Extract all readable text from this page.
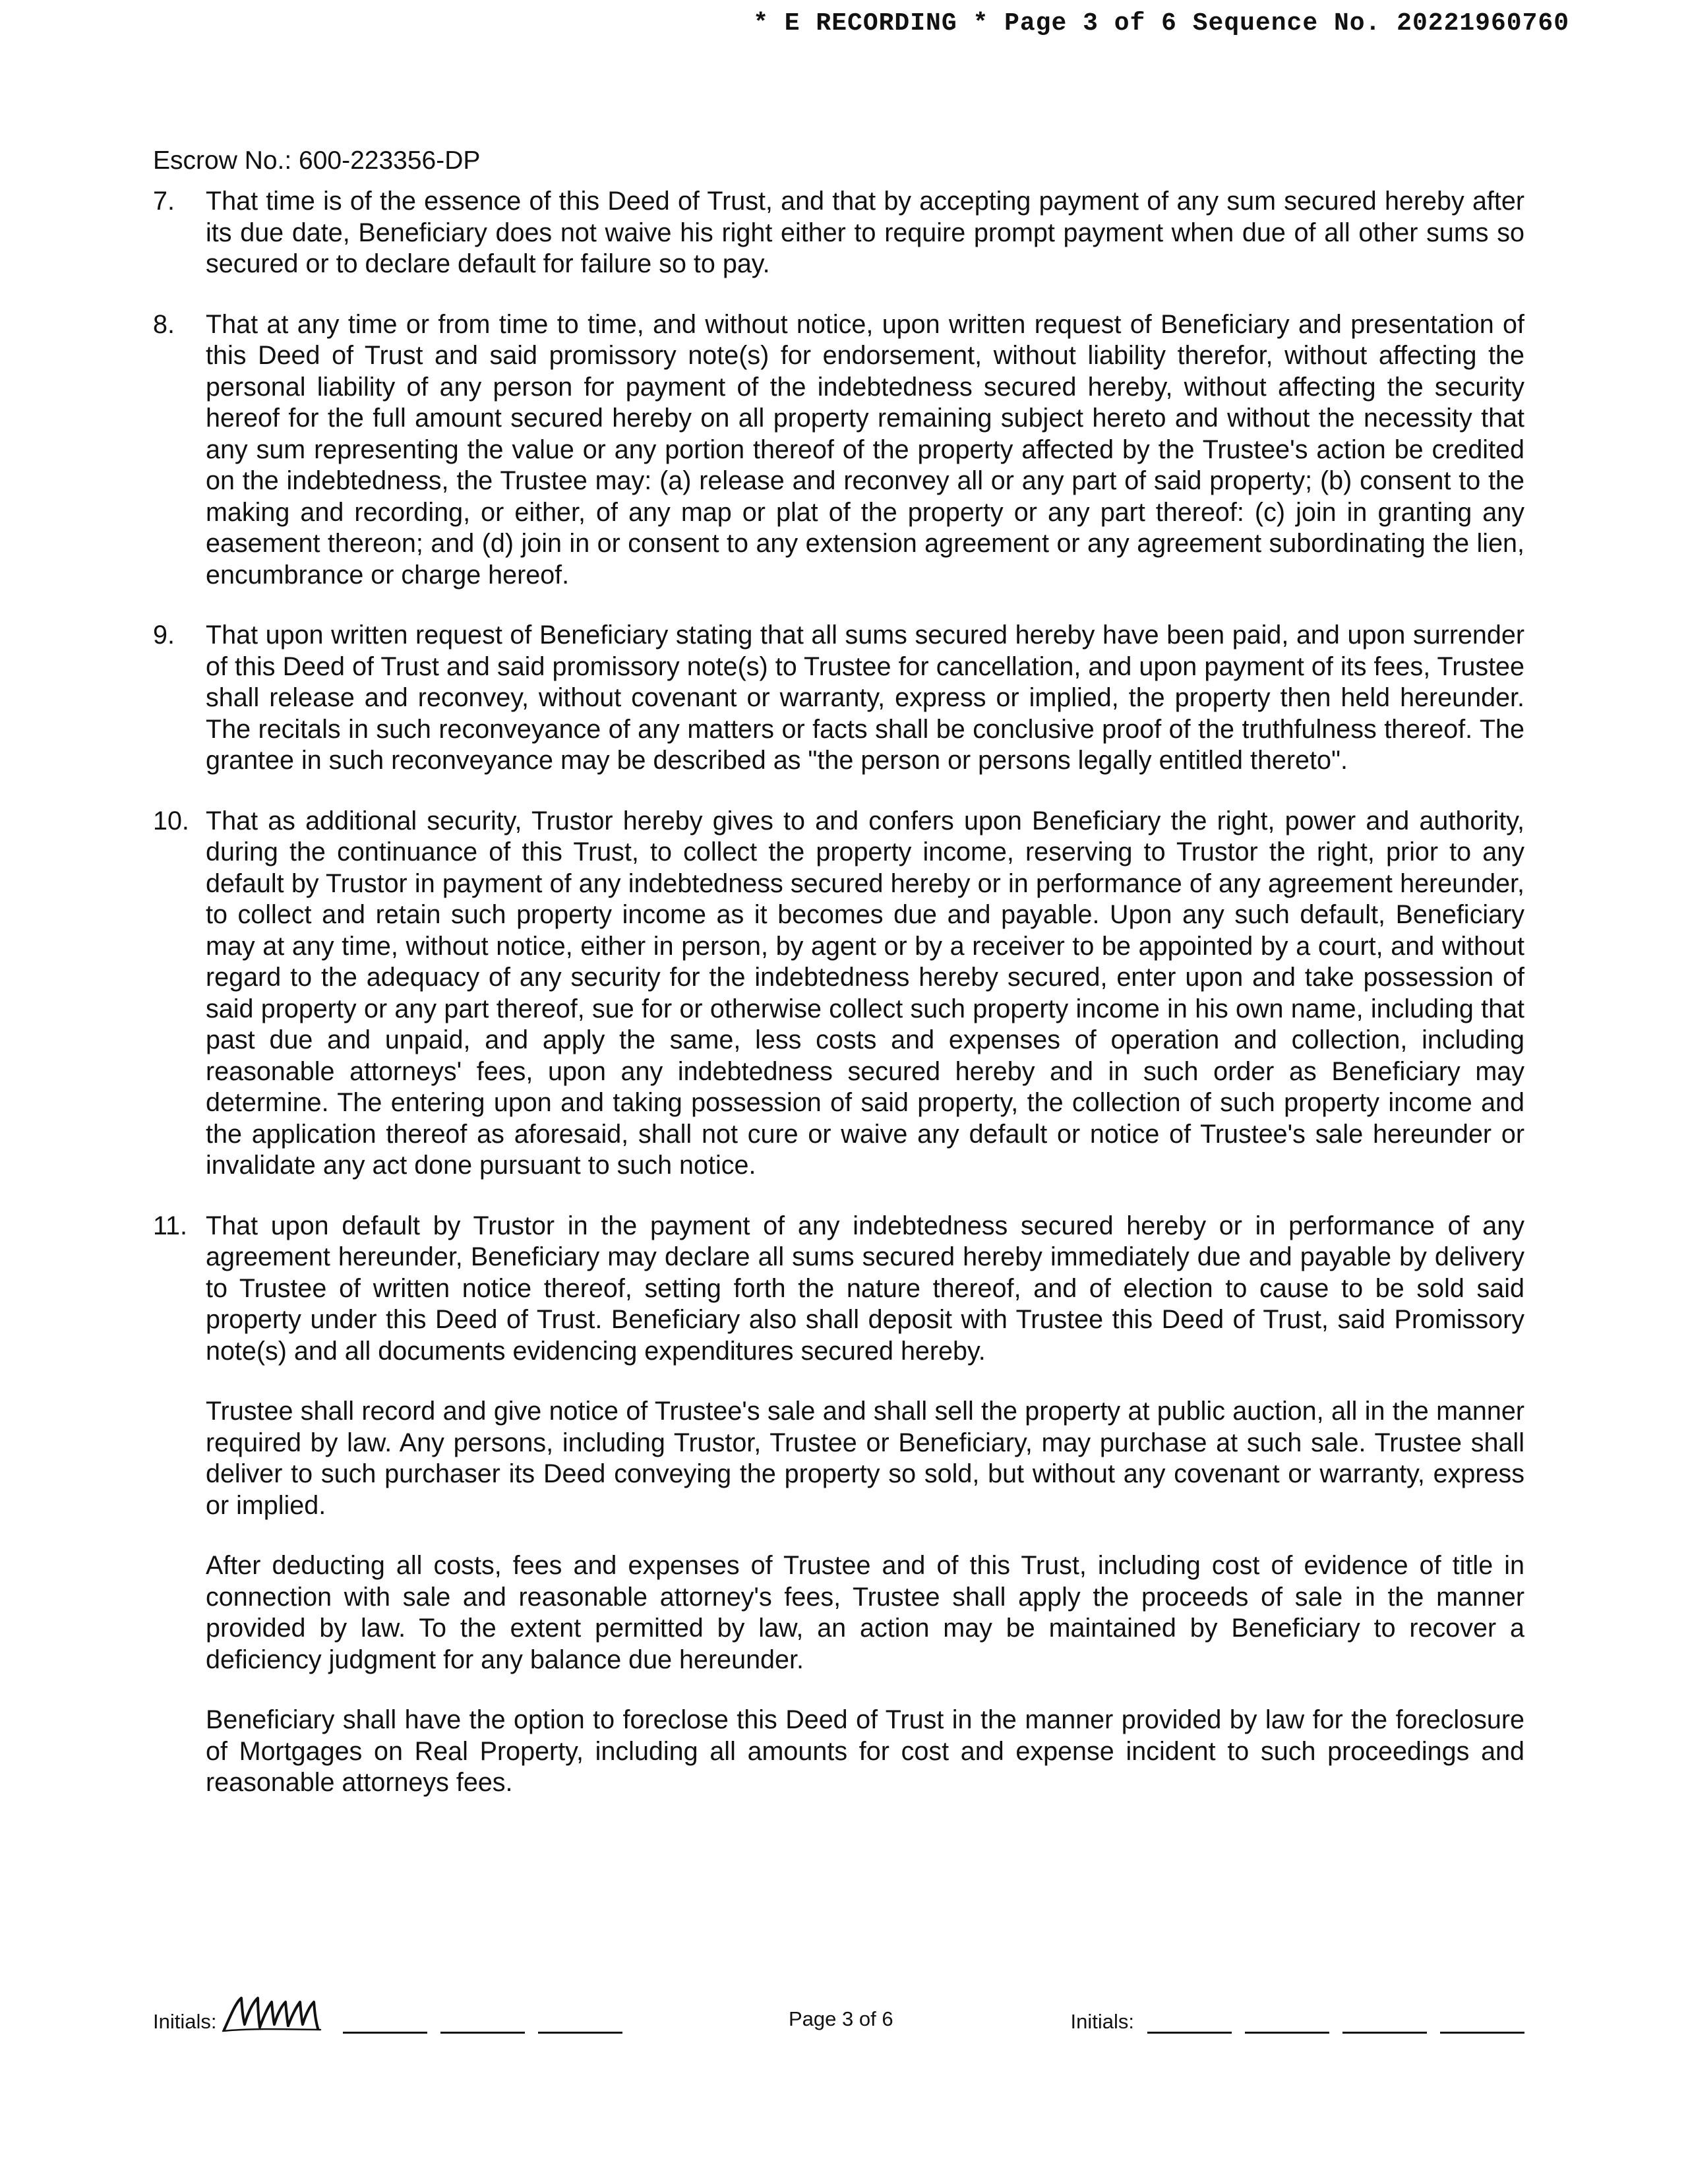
* E RECORDING * Page 3 of 6 Sequence No. 20221960760
Escrow No.: 600-223356-DP
7. That time is of the essence of this Deed of Trust, and that by accepting payment of any sum secured hereby after its due date, Beneficiary does not waive his right either to require prompt payment when due of all other sums so secured or to declare default for failure so to pay.
8. That at any time or from time to time, and without notice, upon written request of Beneficiary and presentation of this Deed of Trust and said promissory note(s) for endorsement, without liability therefor, without affecting the personal liability of any person for payment of the indebtedness secured hereby, without affecting the security hereof for the full amount secured hereby on all property remaining subject hereto and without the necessity that any sum representing the value or any portion thereof of the property affected by the Trustee's action be credited on the indebtedness, the Trustee may: (a) release and reconvey all or any part of said property; (b) consent to the making and recording, or either, of any map or plat of the property or any part thereof: (c) join in granting any easement thereon; and (d) join in or consent to any extension agreement or any agreement subordinating the lien, encumbrance or charge hereof.
9. That upon written request of Beneficiary stating that all sums secured hereby have been paid, and upon surrender of this Deed of Trust and said promissory note(s) to Trustee for cancellation, and upon payment of its fees, Trustee shall release and reconvey, without covenant or warranty, express or implied, the property then held hereunder. The recitals in such reconveyance of any matters or facts shall be conclusive proof of the truthfulness thereof. The grantee in such reconveyance may be described as "the person or persons legally entitled thereto".
10. That as additional security, Trustor hereby gives to and confers upon Beneficiary the right, power and authority, during the continuance of this Trust, to collect the property income, reserving to Trustor the right, prior to any default by Trustor in payment of any indebtedness secured hereby or in performance of any agreement hereunder, to collect and retain such property income as it becomes due and payable. Upon any such default, Beneficiary may at any time, without notice, either in person, by agent or by a receiver to be appointed by a court, and without regard to the adequacy of any security for the indebtedness hereby secured, enter upon and take possession of said property or any part thereof, sue for or otherwise collect such property income in his own name, including that past due and unpaid, and apply the same, less costs and expenses of operation and collection, including reasonable attorneys' fees, upon any indebtedness secured hereby and in such order as Beneficiary may determine. The entering upon and taking possession of said property, the collection of such property income and the application thereof as aforesaid, shall not cure or waive any default or notice of Trustee's sale hereunder or invalidate any act done pursuant to such notice.
11. That upon default by Trustor in the payment of any indebtedness secured hereby or in performance of any agreement hereunder, Beneficiary may declare all sums secured hereby immediately due and payable by delivery to Trustee of written notice thereof, setting forth the nature thereof, and of election to cause to be sold said property under this Deed of Trust. Beneficiary also shall deposit with Trustee this Deed of Trust, said Promissory note(s) and all documents evidencing expenditures secured hereby.
Trustee shall record and give notice of Trustee's sale and shall sell the property at public auction, all in the manner required by law. Any persons, including Trustor, Trustee or Beneficiary, may purchase at such sale. Trustee shall deliver to such purchaser its Deed conveying the property so sold, but without any covenant or warranty, express or implied.
After deducting all costs, fees and expenses of Trustee and of this Trust, including cost of evidence of title in connection with sale and reasonable attorney's fees, Trustee shall apply the proceeds of sale in the manner provided by law. To the extent permitted by law, an action may be maintained by Beneficiary to recover a deficiency judgment for any balance due hereunder.
Beneficiary shall have the option to foreclose this Deed of Trust in the manner provided by law for the foreclosure of Mortgages on Real Property, including all amounts for cost and expense incident to such proceedings and reasonable attorneys fees.
Initials:	Page 3 of 6	Initials:
